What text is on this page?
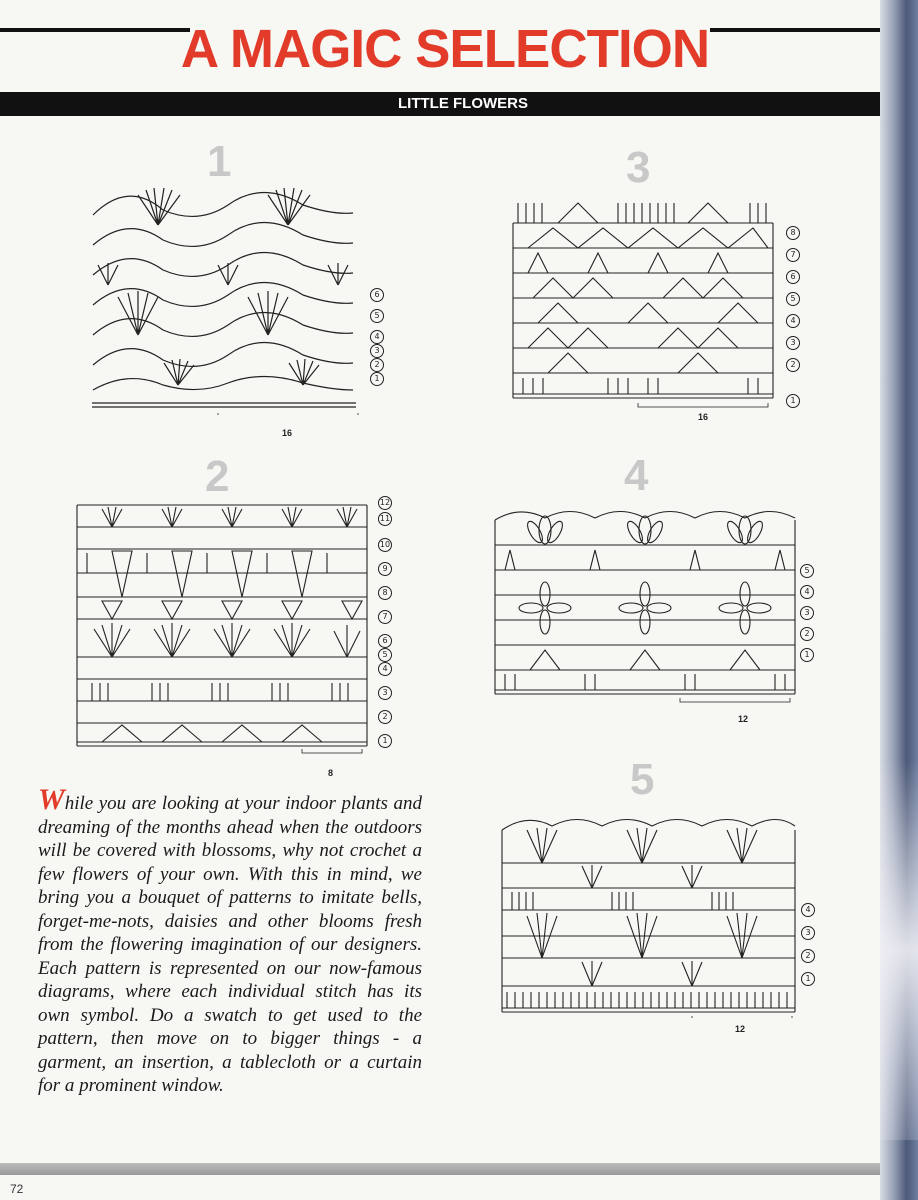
A MAGIC SELECTION
LITTLE FLOWERS
1
6
5
4
3
2
1
16
3
8
7
6
5
4
3
2
1
16
2
12
11
10
9
8
7
6
5
4
3
2
1
8
4
5
4
3
2
1
12
5
4
3
2
1
12
While you are looking at your indoor plants and dreaming of the months ahead when the outdoors will be covered with blossoms, why not crochet a few flowers of your own. With this in mind, we bring you a bouquet of patterns to imitate bells, forget-me-nots, daisies and other blooms fresh from the flowering imagination of our designers. Each pattern is represented on our now-famous diagrams, where each individual stitch has its own symbol. Do a swatch to get used to the pattern, then move on to bigger things - a garment, an insertion, a tablecloth or a curtain for a prominent window.
72
